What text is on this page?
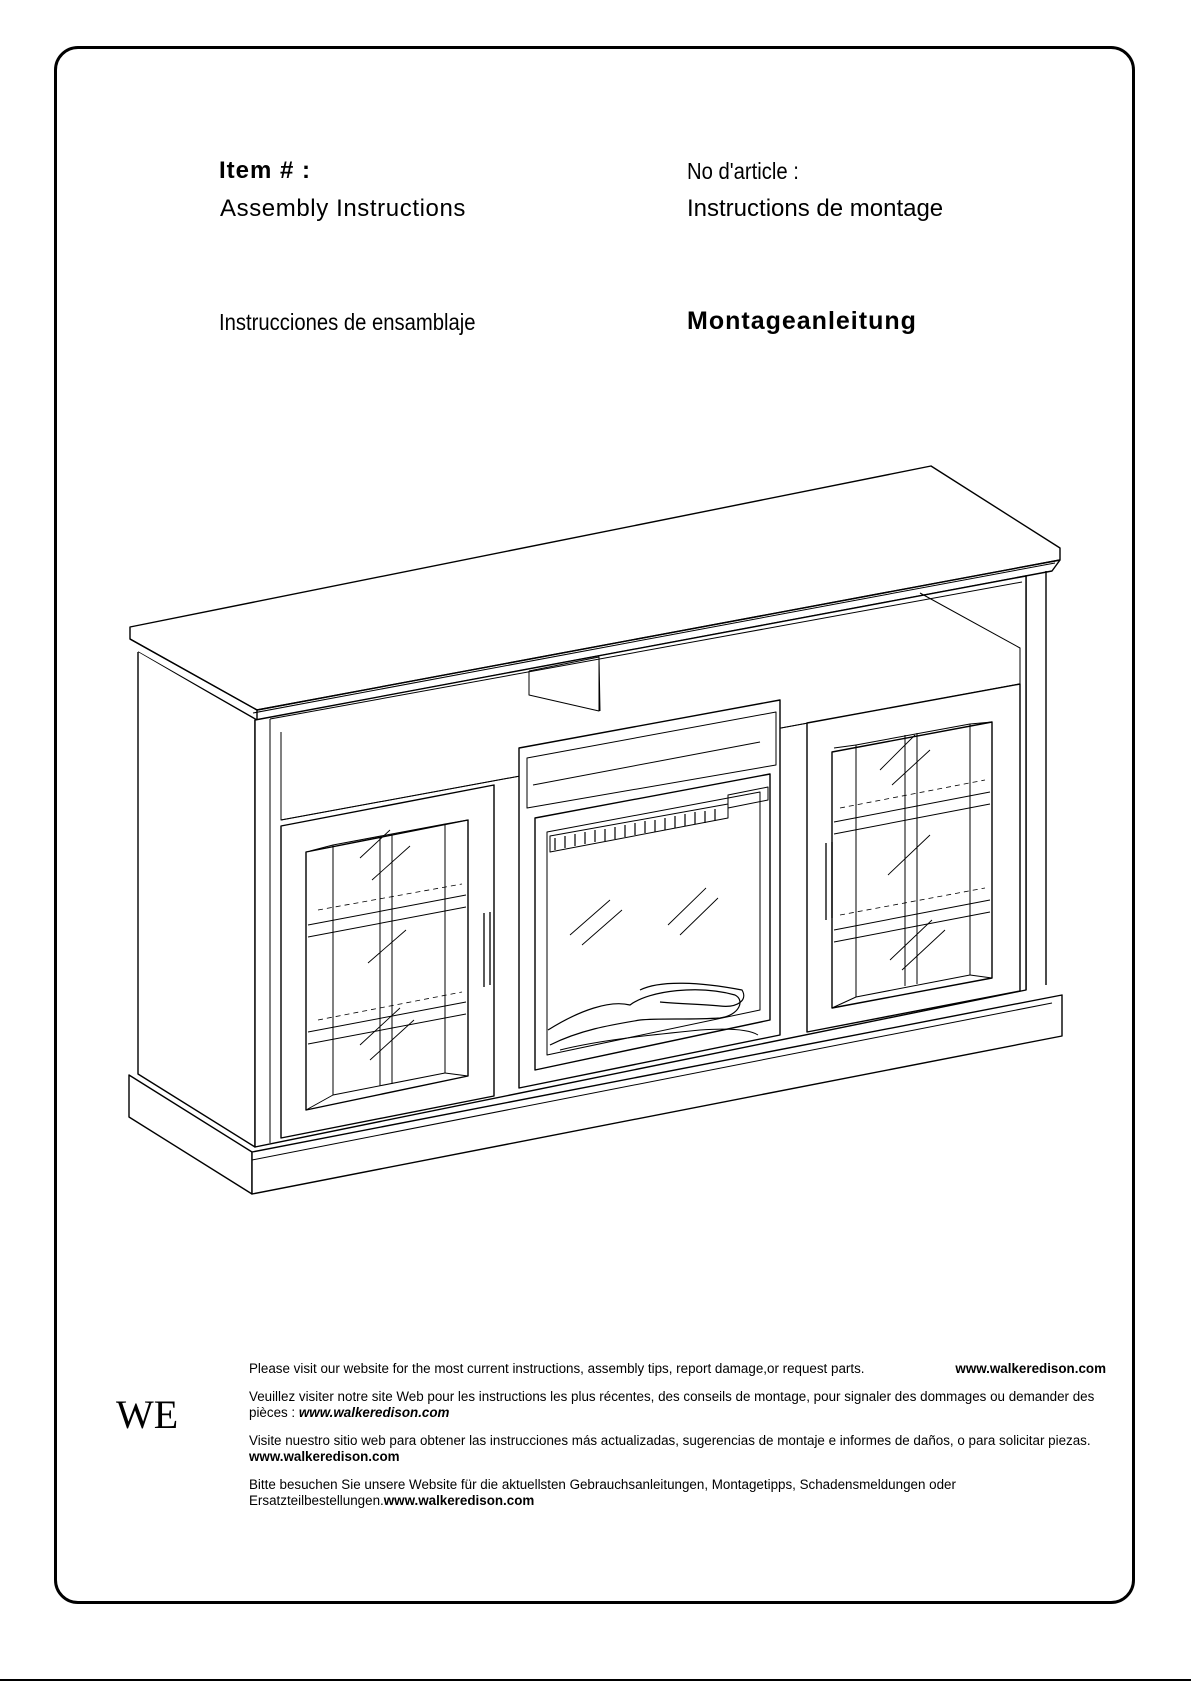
Item # :
Assembly Instructions
No d'article :
Instructions de montage
Instrucciones de ensamblaje	Montageanleitung
WE

Please visit our website for the most current instructions, assembly tips, report damage,or request parts.	www.walkeredison.com

Veuillez visiter notre site Web pour les instructions les plus récentes, des conseils de montage, pour signaler des dommages ou demander des pièces : www.walkeredison.com

Visite nuestro sitio web para obtener las instrucciones más actualizadas, sugerencias de montaje e informes de daños, o para solicitar piezas. www.walkeredison.com

Bitte besuchen Sie unsere Website für die aktuellsten Gebrauchsanleitungen, Montagetipps, Schadensmeldungen oder Ersatzteilbestellungen.www.walkeredison.com
